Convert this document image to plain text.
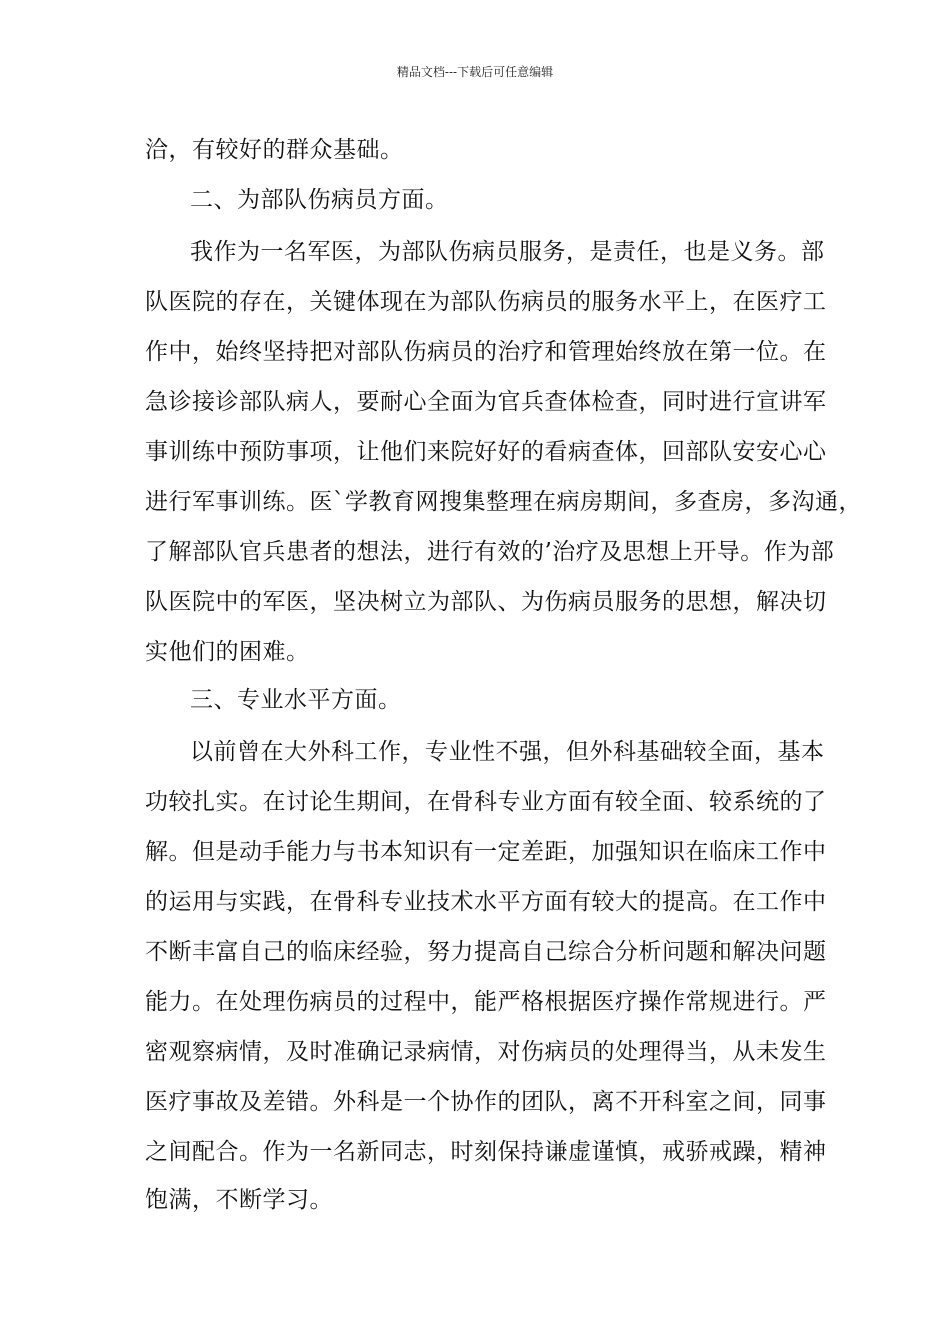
精品文档---下载后可任意编辑
洽，有较好的群众基础。
二、为部队伤病员方面。
我作为一名军医，为部队伤病员服务，是责任，也是义务。部
队医院的存在，关键体现在为部队伤病员的服务水平上，在医疗工
作中，始终坚持把对部队伤病员的治疗和管理始终放在第一位。在
急诊接诊部队病人，要耐心全面为官兵查体检查，同时进行宣讲军
事训练中预防事项，让他们来院好好的看病查体，回部队安安心心
进行军事训练。医`学教育网搜集整理在病房期间，多查房，多沟通，
了解部队官兵患者的想法，进行有效的’治疗及思想上开导。作为部
队医院中的军医，坚决树立为部队、为伤病员服务的思想，解决切
实他们的困难。
三、专业水平方面。
以前曾在大外科工作，专业性不强，但外科基础较全面，基本
功较扎实。在讨论生期间，在骨科专业方面有较全面、较系统的了
解。但是动手能力与书本知识有一定差距，加强知识在临床工作中
的运用与实践，在骨科专业技术水平方面有较大的提高。在工作中
不断丰富自己的临床经验，努力提高自己综合分析问题和解决问题
能力。在处理伤病员的过程中，能严格根据医疗操作常规进行。严
密观察病情，及时准确记录病情，对伤病员的处理得当，从未发生
医疗事故及差错。外科是一个协作的团队，离不开科室之间，同事
之间配合。作为一名新同志，时刻保持谦虚谨慎，戒骄戒躁，精神
饱满，不断学习。
